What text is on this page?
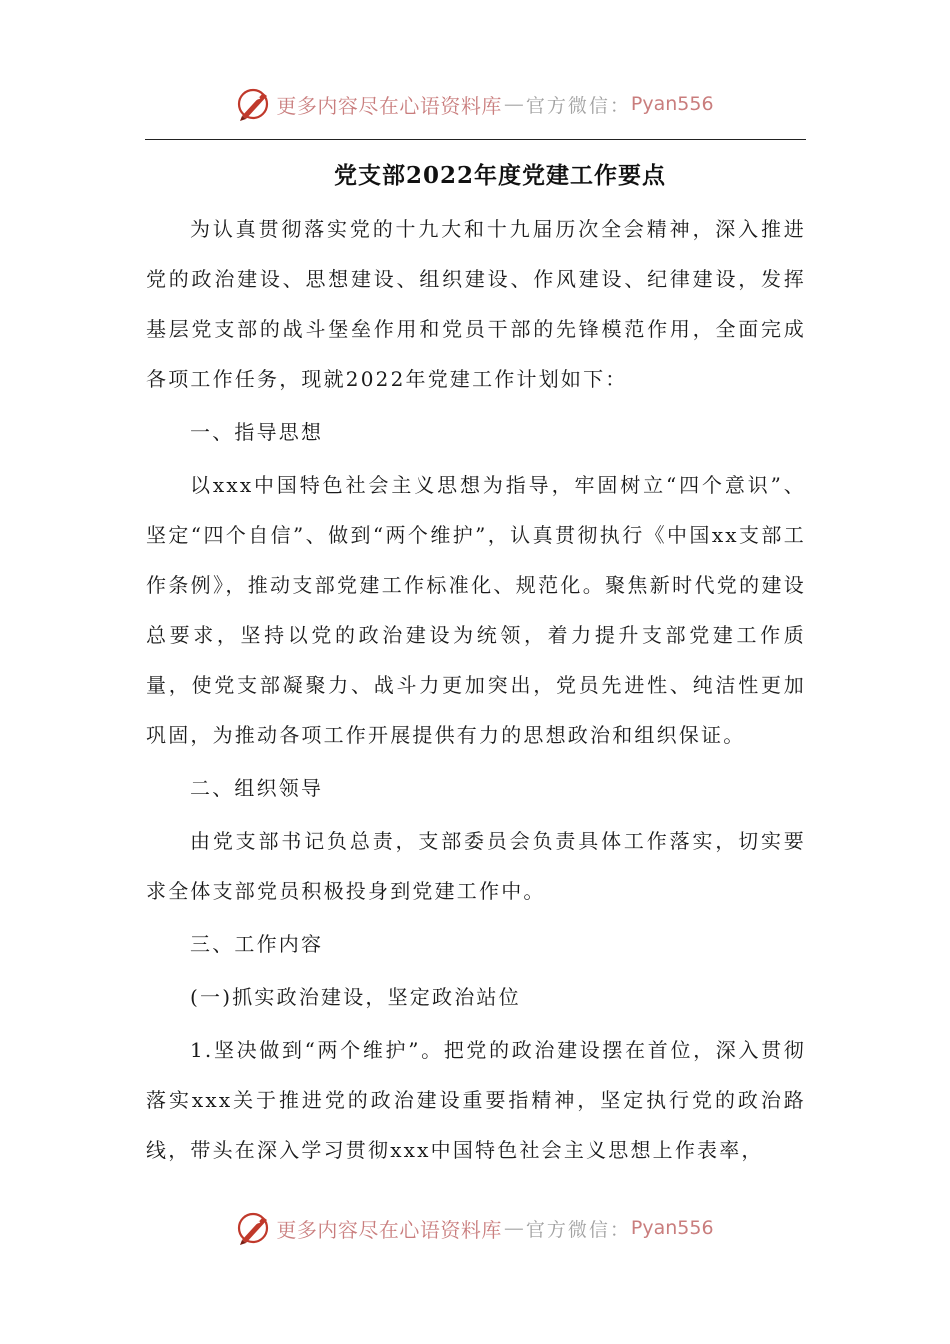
更多内容尽在心语资料库 — 官方微信： Pyan556
党支部2022年度党建工作要点

为认真贯彻落实党的十九大和十九届历次全会精神，深入推进党的政治建设、思想建设、组织建设、作风建设、纪律建设，发挥基层党支部的战斗堡垒作用和党员干部的先锋模范作用，全面完成各项工作任务，现就2022年党建工作计划如下：

一、指导思想

以xxx中国特色社会主义思想为指导，牢固树立“四个意识”、坚定“四个自信”、做到“两个维护”，认真贯彻执行《中国xx支部工作条例》，推动支部党建工作标准化、规范化。聚焦新时代党的建设总要求，坚持以党的政治建设为统领，着力提升支部党建工作质量，使党支部凝聚力、战斗力更加突出，党员先进性、纯洁性更加巩固，为推动各项工作开展提供有力的思想政治和组织保证。

二、组织领导

由党支部书记负总责，支部委员会负责具体工作落实，切实要求全体支部党员积极投身到党建工作中。

三、工作内容

(一)抓实政治建设，坚定政治站位

1.坚决做到“两个维护”。把党的政治建设摆在首位，深入贯彻落实xxx关于推进党的政治建设重要指精神，坚定执行党的政治路线，带头在深入学习贯彻xxx中国特色社会主义思想上作表率，

更多内容尽在心语资料库 — 官方微信： Pyan556
